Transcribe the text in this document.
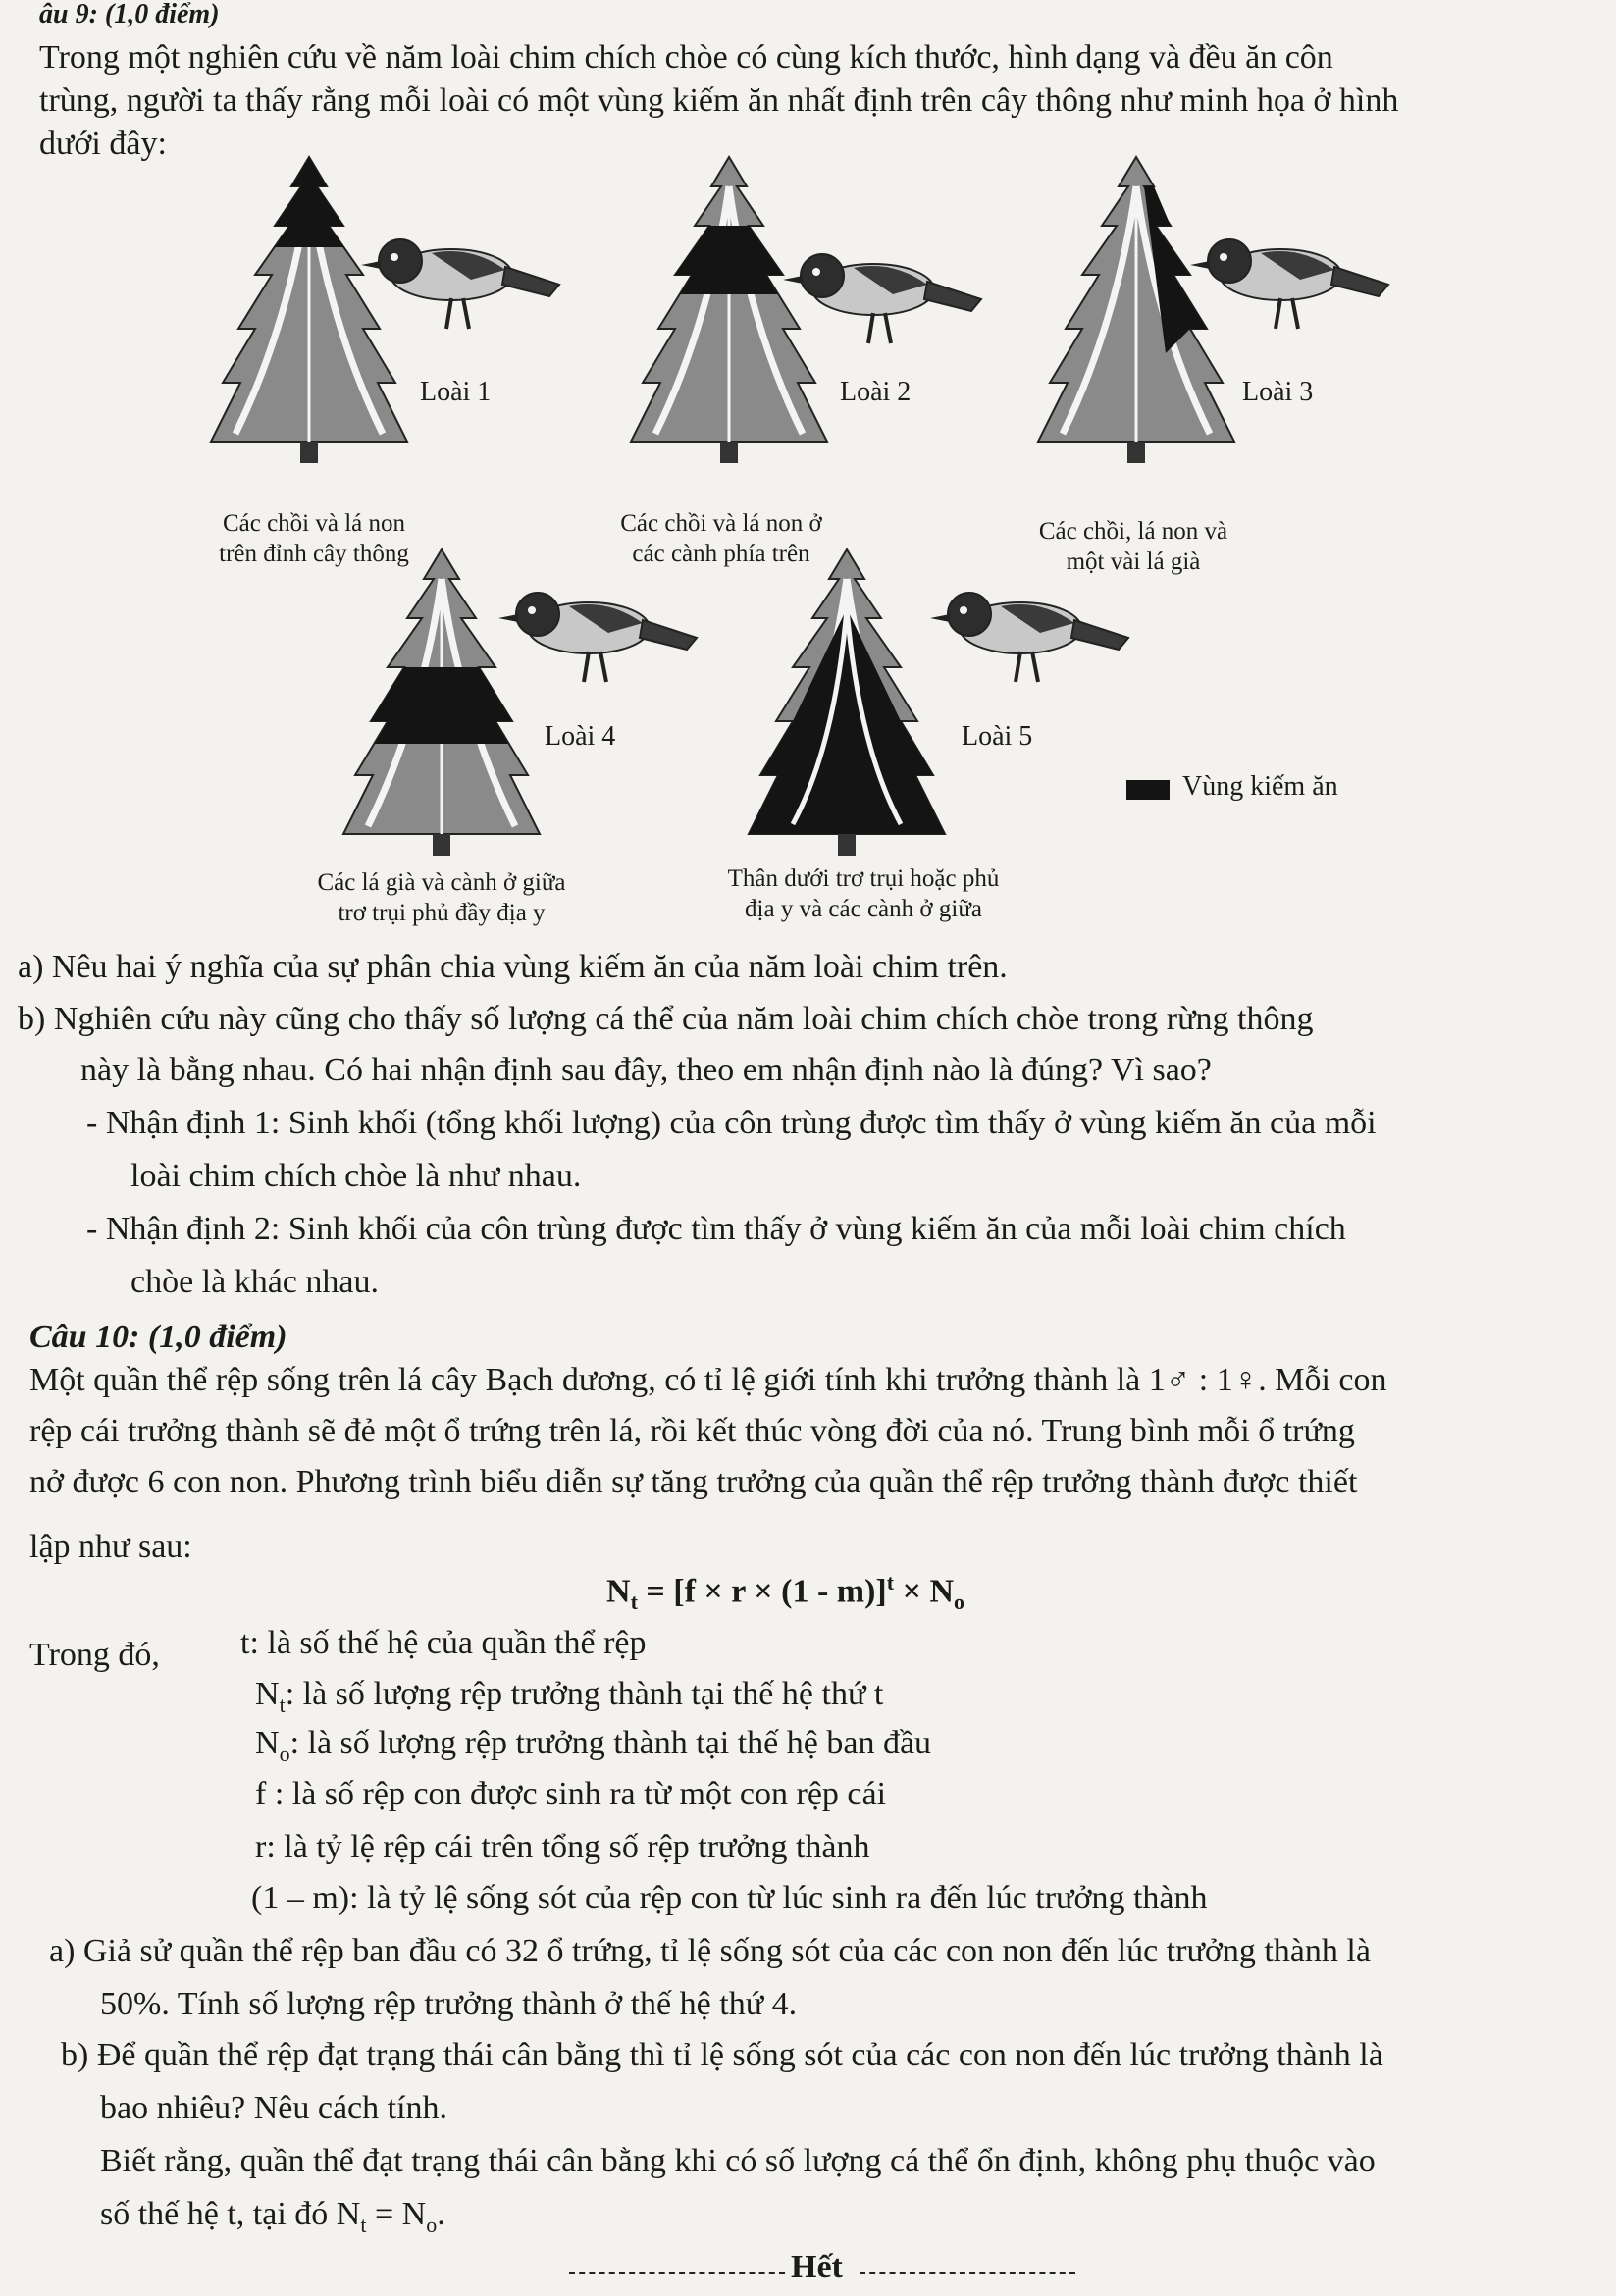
âu 9: (1,0 điểm)
Trong một nghiên cứu về năm loài chim chích chòe có cùng kích thước, hình dạng và đều ăn côn
trùng, người ta thấy rằng mỗi loài có một vùng kiếm ăn nhất định trên cây thông như minh họa ở hình
dưới đây:
Loài 1	Loài 2	Loài 3
Loài 4	Loài 5
Các chồi và lá non
trên đỉnh cây thông
Các chồi và lá non ở
các cành phía trên
Các chồi, lá non và
một vài lá già
Các lá già và cành ở giữa
trơ trụi phủ đầy địa y
Thân dưới trơ trụi hoặc phủ
địa y và các cành ở giữa
Vùng kiếm ăn
a) Nêu hai ý nghĩa của sự phân chia vùng kiếm ăn của năm loài chim trên.
b) Nghiên cứu này cũng cho thấy số lượng cá thể của năm loài chim chích chòe trong rừng thông
này là bằng nhau. Có hai nhận định sau đây, theo em nhận định nào là đúng? Vì sao?
- Nhận định 1: Sinh khối (tổng khối lượng) của côn trùng được tìm thấy ở vùng kiếm ăn của mỗi
loài chim chích chòe là như nhau.
- Nhận định 2: Sinh khối của côn trùng được tìm thấy ở vùng kiếm ăn của mỗi loài chim chích
chòe là khác nhau.
Câu 10: (1,0 điểm)
Một quần thể rệp sống trên lá cây Bạch dương, có tỉ lệ giới tính khi trưởng thành là 1♂ : 1♀. Mỗi con
rệp cái trưởng thành sẽ đẻ một ổ trứng trên lá, rồi kết thúc vòng đời của nó. Trung bình mỗi ổ trứng
nở được 6 con non. Phương trình biểu diễn sự tăng trưởng của quần thể rệp trưởng thành được thiết
lập như sau:
$N_t = [f \times r \times (1 - m)]^t \times N_o$
Trong đó, t: là số thế hệ của quần thể rệp
$N_t$: là số lượng rệp trưởng thành tại thế hệ thứ t
$N_o$: là số lượng rệp trưởng thành tại thế hệ ban đầu
f : là số rệp con được sinh ra từ một con rệp cái
r: là tỷ lệ rệp cái trên tổng số rệp trưởng thành
(1 – m): là tỷ lệ sống sót của rệp con từ lúc sinh ra đến lúc trưởng thành
a) Giả sử quần thể rệp ban đầu có 32 ổ trứng, tỉ lệ sống sót của các con non đến lúc trưởng thành là
50%. Tính số lượng rệp trưởng thành ở thế hệ thứ 4.
b) Để quần thể rệp đạt trạng thái cân bằng thì tỉ lệ sống sót của các con non đến lúc trưởng thành là
bao nhiêu? Nêu cách tính.
Biết rằng, quần thể đạt trạng thái cân bằng khi có số lượng cá thể ổn định, không phụ thuộc vào
số thế hệ t, tại đó $N_t = N_o$.
Hết
